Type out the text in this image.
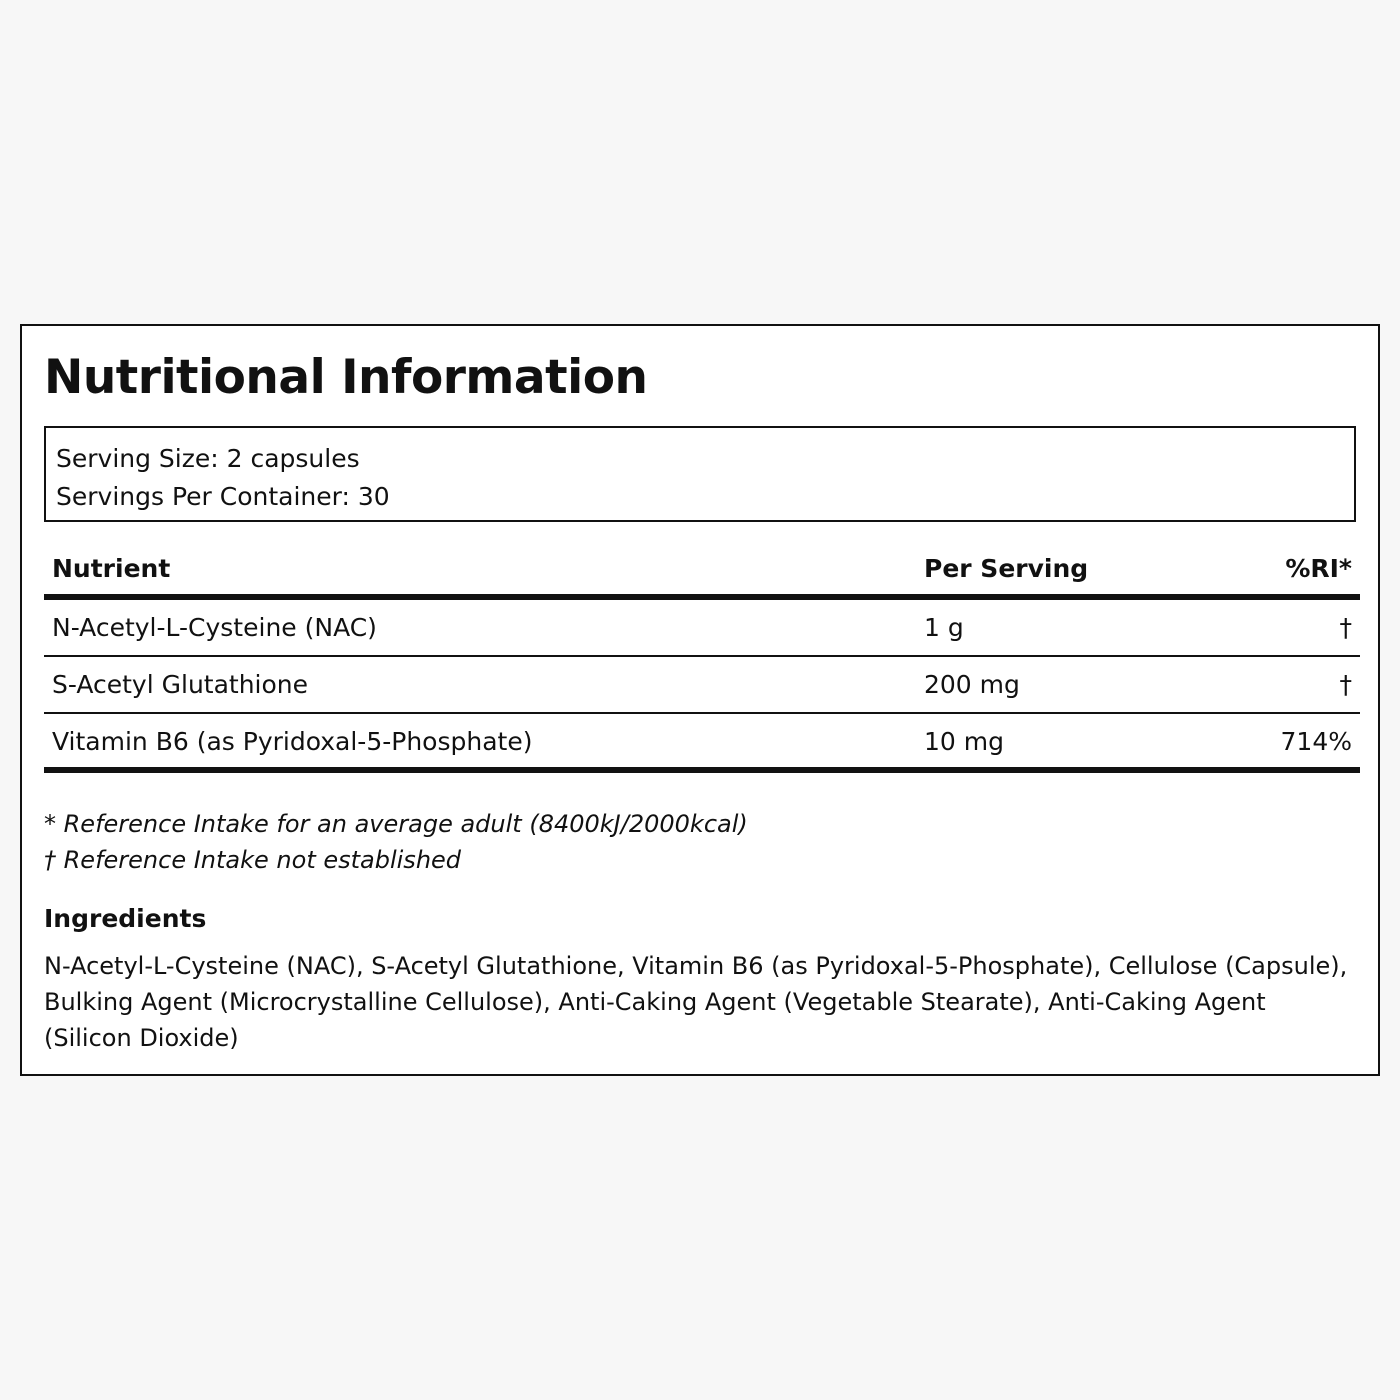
Nutritional Information
Serving Size: 2 capsules
Servings Per Container: 30
Nutrient	Per Serving	%RI*
N-Acetyl-L-Cysteine (NAC)	1 g	†
S-Acetyl Glutathione	200 mg	†
Vitamin B6 (as Pyridoxal-5-Phosphate)	10 mg	714%
* Reference Intake for an average adult (8400kJ/2000kcal)
† Reference Intake not established
Ingredients

N-Acetyl-L-Cysteine (NAC), S-Acetyl Glutathione, Vitamin B6 (as Pyridoxal-5-Phosphate), Cellulose (Capsule), Bulking Agent (Microcrystalline Cellulose), Anti-Caking Agent (Vegetable Stearate), Anti-Caking Agent (Silicon Dioxide)
